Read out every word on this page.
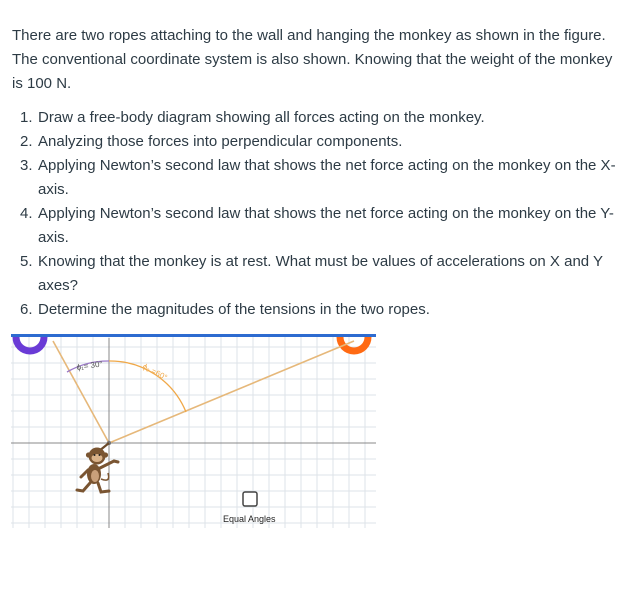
There are two ropes attaching to the wall and hanging the monkey as shown in the figure. The conventional coordinate system is also shown. Knowing that the weight of the monkey is 100 N.

1. Draw a free-body diagram showing all forces acting on the monkey.
2. Analyzing those forces into perpendicular components.
3. Applying Newton’s second law that shows the net force acting on the monkey on the X-axis.
4. Applying Newton’s second law that shows the net force acting on the monkey on the Y-axis.
5. Knowing that the monkey is at rest. What must be values of accelerations on X and Y axes?
6. Determine the magnitudes of the tensions in the two ropes.
ϕ₁= 30°	ϕ₂ =60°
Equal Angles
